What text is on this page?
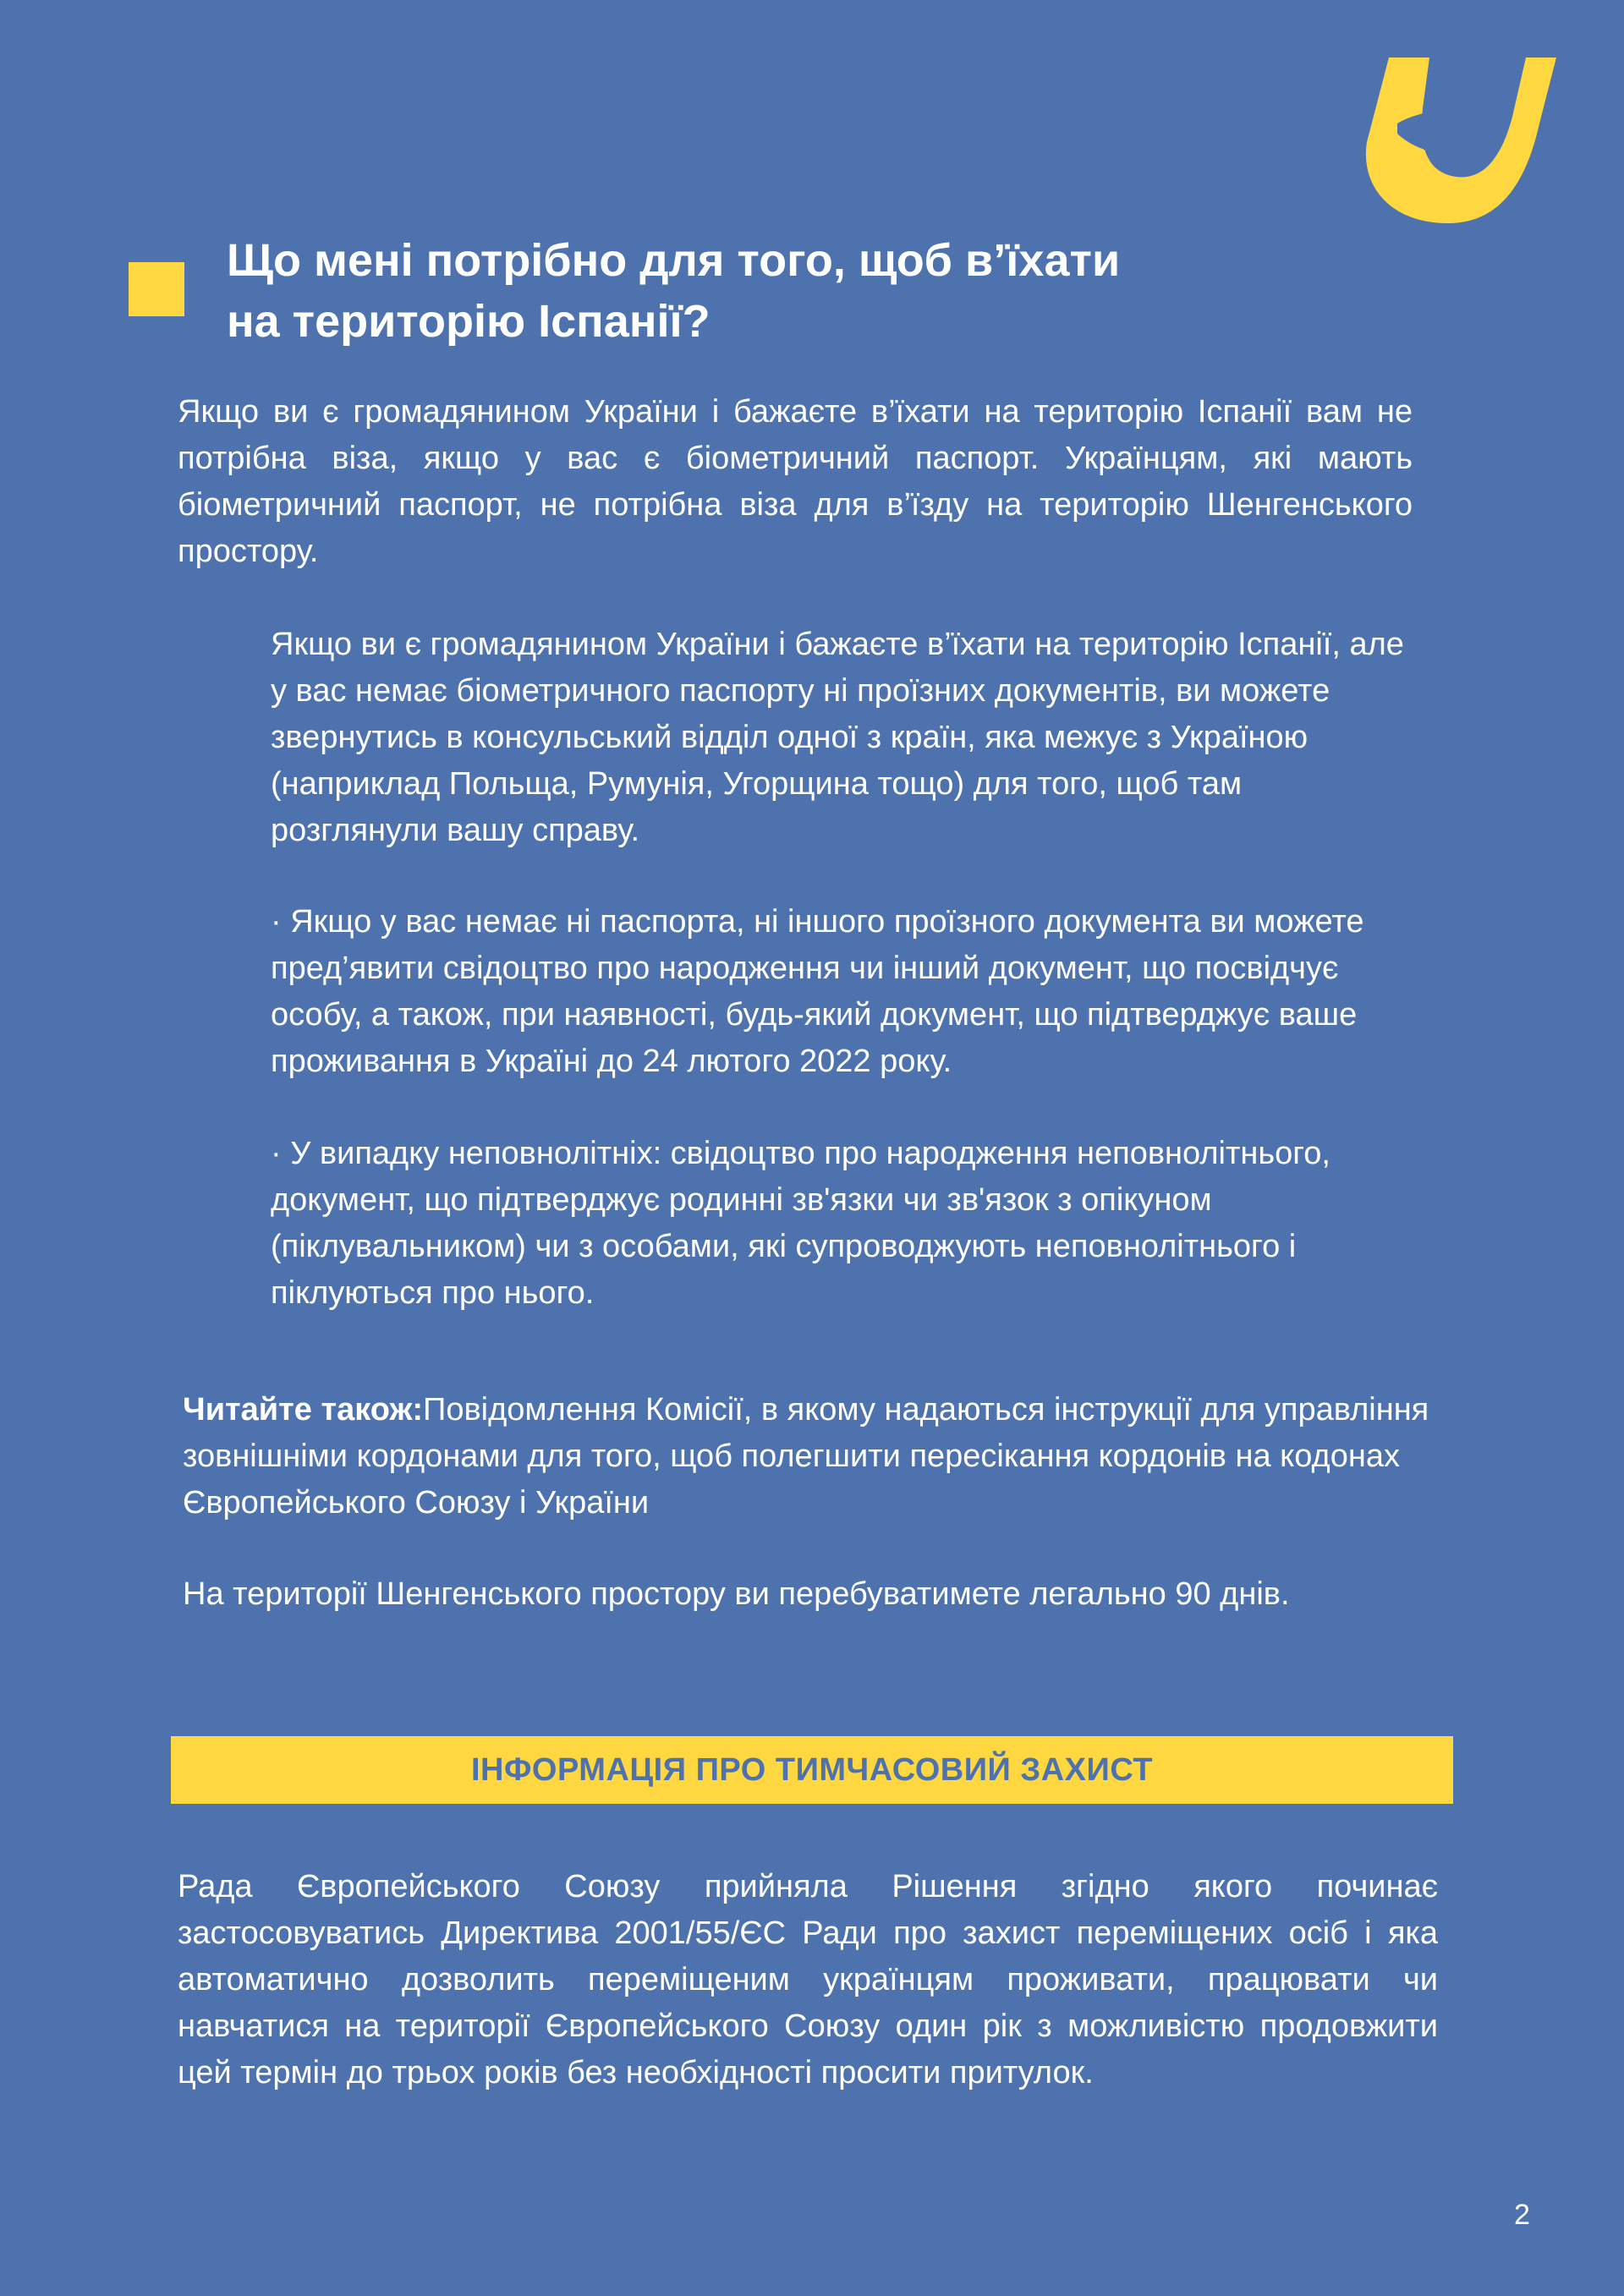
Що мені потрібно для того, щоб в’їхати
на територію Іспанії?

Якщо ви є громадянином України і бажаєте в’їхати на територію Іспанії вам не потрібна віза, якщо у вас є біометричний паспорт. Українцям, які мають біометричний паспорт, не потрібна віза для в’їзду на територію Шенгенського простору.

Якщо ви є громадянином України і бажаєте в’їхати на територію Іспанії, але у вас немає біометричного паспорту ні проїзних документів, ви можете звернутись в консульський відділ одної з країн, яка межує з Україною (наприклад Польща, Румунія, Угорщина тощо) для того, щоб там розглянули вашу справу.

· Якщо у вас немає ні паспорта, ні іншого проїзного документа ви можете пред’явити свідоцтво про народження чи інший документ, що посвідчує особу, а також, при наявності, будь-який документ, що підтверджує ваше проживання в Україні до 24 лютого 2022 року.

· У випадку неповнолітніх: свідоцтво про народження неповнолітнього, документ, що підтверджує родинні зв'язки чи зв'язок з опікуном (піклувальником) чи з особами, які супроводжують неповнолітнього і піклуються про нього.

Читайте також:Повідомлення Комісії, в якому надаються інструкції для управління зовнішніми кордонами для того, щоб полегшити пересікання кордонів на кодонах Європейського Союзу і України

На території Шенгенського простору ви перебуватимете легально 90 днів.

ІНФОРМАЦІЯ ПРО ТИМЧАСОВИЙ ЗАХИСТ

Рада Європейського Союзу прийняла Рішення згідно якого починає застосовуватись Директива 2001/55/ЄС Ради про захист переміщених осіб і яка автоматично дозволить переміщеним українцям проживати, працювати чи навчатися на території Європейського Союзу один рік з можливістю продовжити цей термін до трьох років без необхідності просити притулок.

2
